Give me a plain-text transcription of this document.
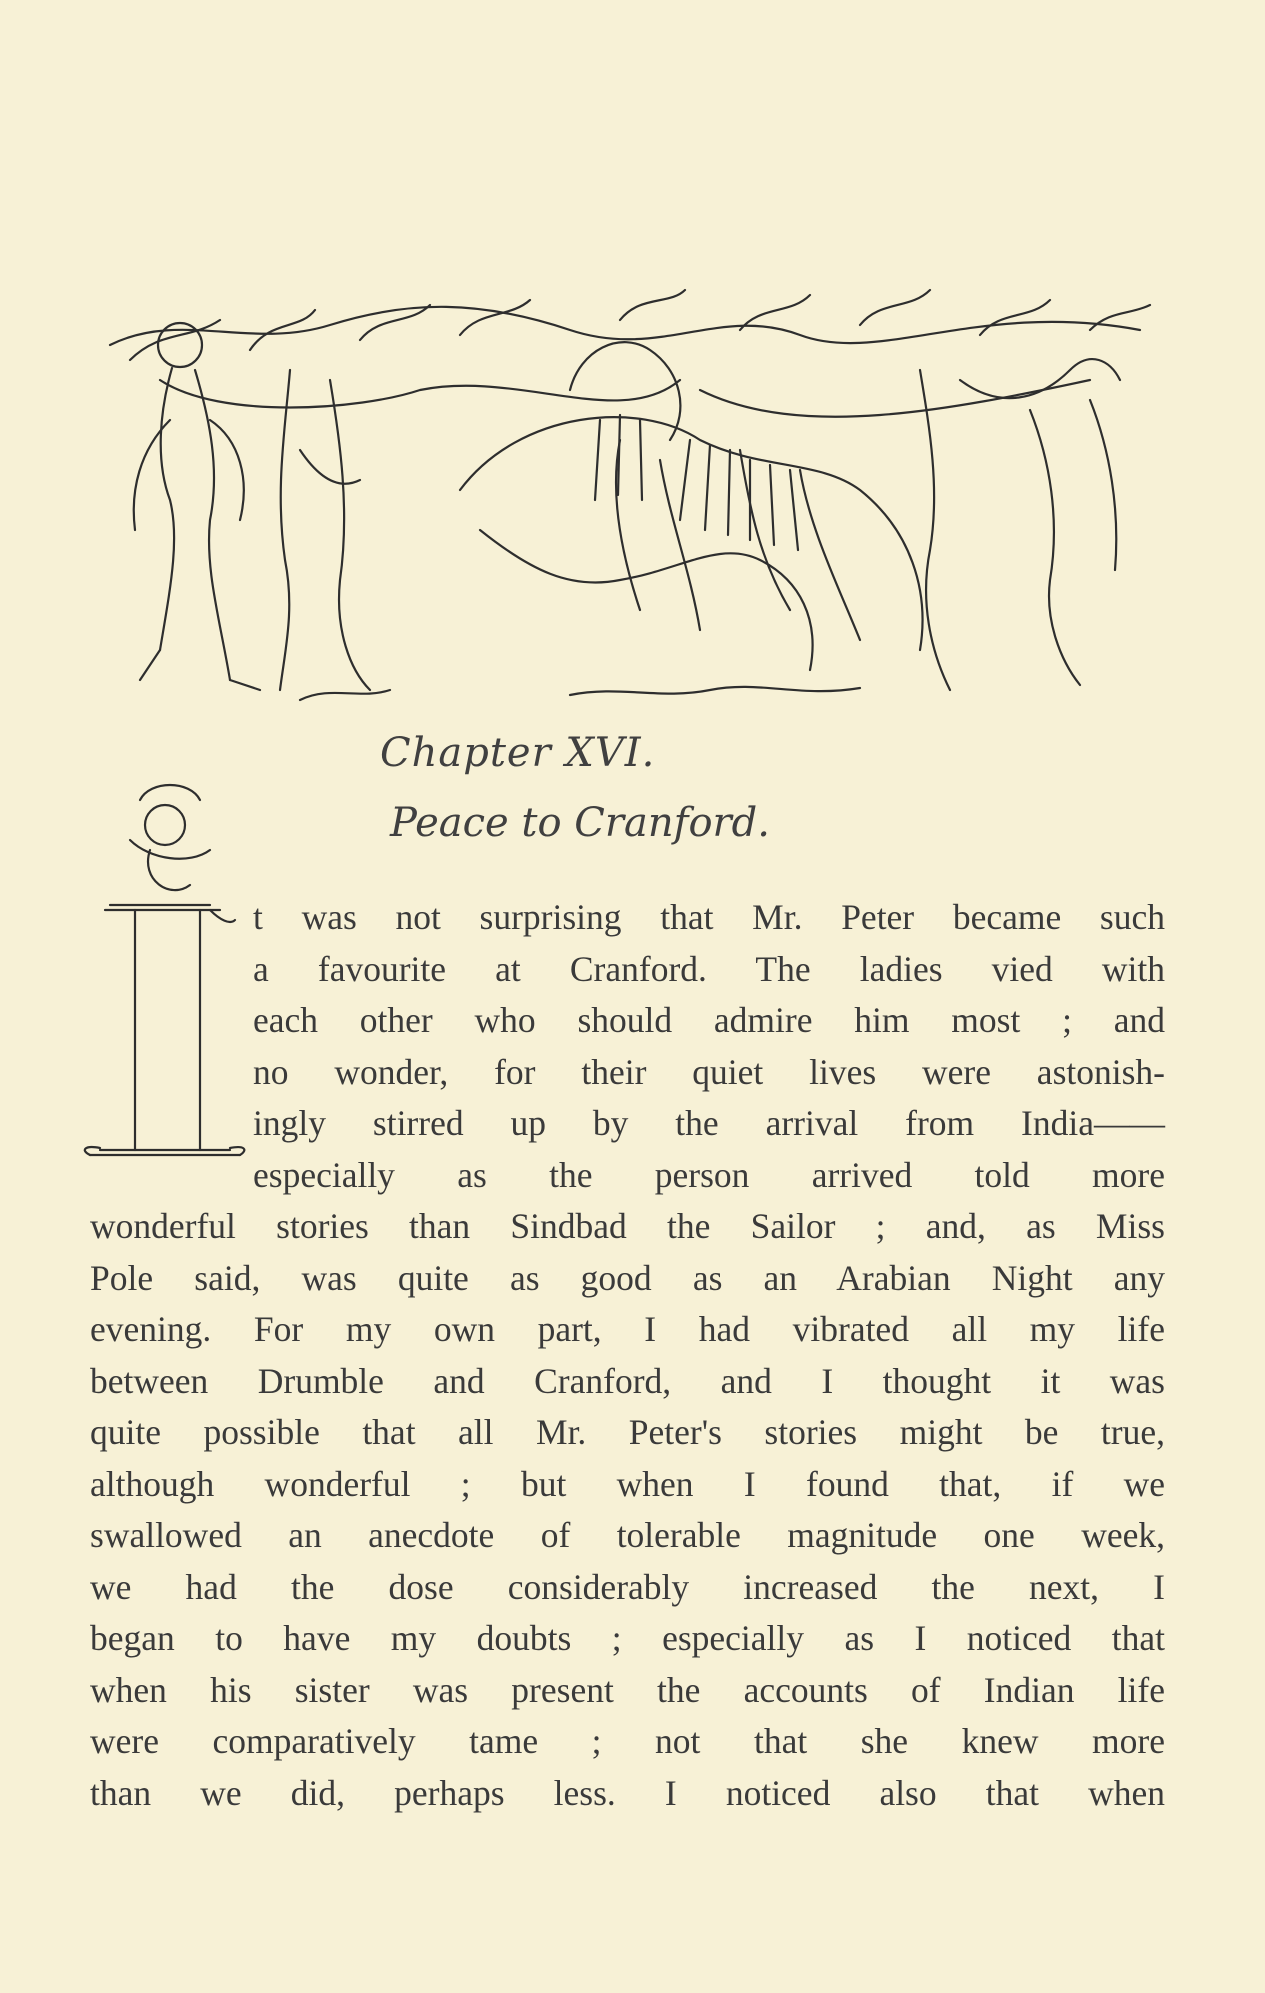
Chapter XVI.
Peace to Cranford.
I
t was not surprising that Mr. Peter became such
a favourite at Cranford. The ladies vied with
each other who should admire him most ; and
no wonder, for their quiet lives were astonish-
ingly stirred up by the arrival from India——
especially as the person arrived told more
wonderful stories than Sindbad the Sailor ; and, as Miss
Pole said, was quite as good as an Arabian Night any
evening. For my own part, I had vibrated all my life
between Drumble and Cranford, and I thought it was
quite possible that all Mr. Peter's stories might be true,
although wonderful ; but when I found that, if we
swallowed an anecdote of tolerable magnitude one week,
we had the dose considerably increased the next, I
began to have my doubts ; especially as I noticed that
when his sister was present the accounts of Indian life
were comparatively tame ; not that she knew more
than we did, perhaps less. I noticed also that when
